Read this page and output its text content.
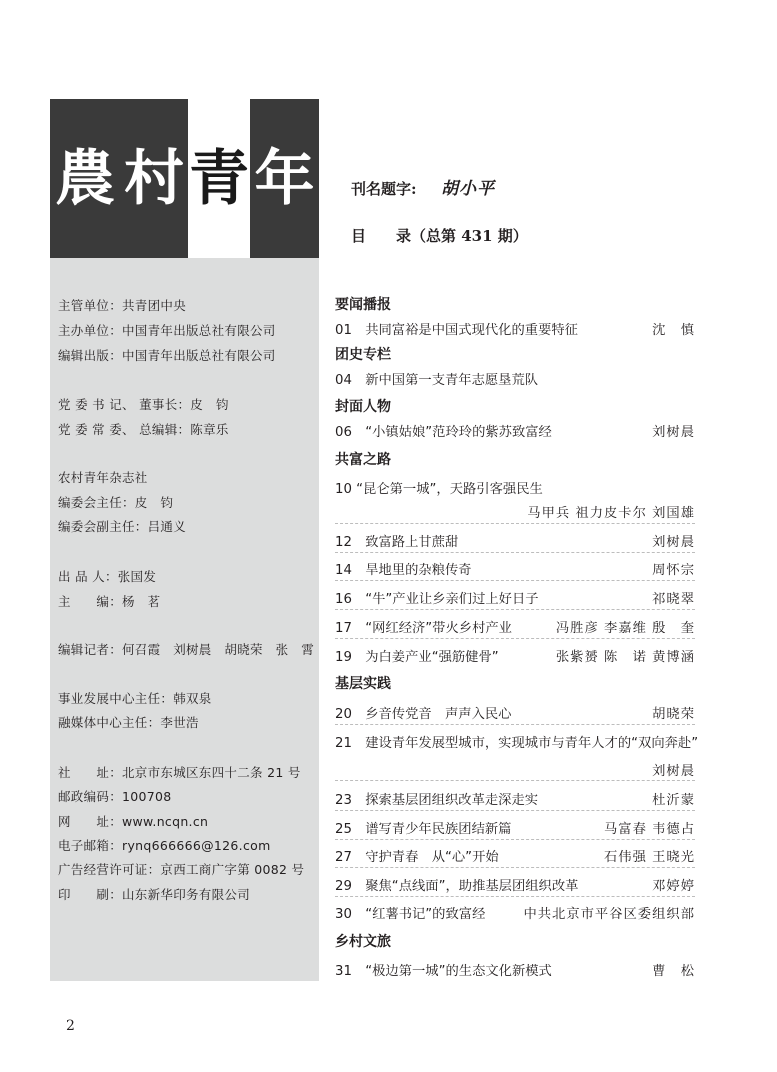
農 村 青 年 刊名题字: 胡小平
目 录（总第 431 期）
主管单位：共青团中央
主办单位：中国青年出版总社有限公司
编辑出版：中国青年出版总社有限公司
党 委 书 记、 董事长：皮　钧
党 委 常 委、 总编辑：陈章乐
农村青年杂志社
编委会主任：皮　钧
编委会副主任：吕通义
出 品 人：张国发
主　　编：杨　茗
编辑记者：何召霞　刘树晨　胡晓荣　张　霄
事业发展中心主任：韩双泉
融媒体中心主任：李世浩
社　　址：北京市东城区东四十二条 21 号
邮政编码：100708
网　　址：www.ncqn.cn
电子邮箱：rynq666666@126.com
广告经营许可证：京西工商广字第 0082 号
印　　刷：山东新华印务有限公司
要闻播报
01　共同富裕是中国式现代化的重要特征	沈　慎
团史专栏
04　新中国第一支青年志愿垦荒队
封面人物
06　“小镇姑娘”范玲玲的紫苏致富经	刘树晨
共富之路
10 “昆仑第一城”，天路引客强民生
马甲兵 祖力皮卡尔 刘国雄
12　致富路上甘蔗甜	刘树晨
14　旱地里的杂粮传奇	周怀宗
16　“牛”产业让乡亲们过上好日子	祁晓翠
17　“网红经济”带火乡村产业	冯胜彦 李嘉维 殷　奎
19　为白姜产业“强筋健骨”	张紫赟 陈　诺 黄博涵
基层实践
20　乡音传党音　声声入民心	胡晓荣
21　建设青年发展型城市，实现城市与青年人才的“双向奔赴”
刘树晨
23　探索基层团组织改革走深走实	杜沂蒙
25　谱写青少年民族团结新篇	马富春 韦德占
27　守护青春　从“心”开始	石伟强 王晓光
29　聚焦“点线面”，助推基层团组织改革	邓婷婷
30　“红薯书记”的致富经	中共北京市平谷区委组织部
乡村文旅
31　“极边第一城”的生态文化新模式	曹　松
2
